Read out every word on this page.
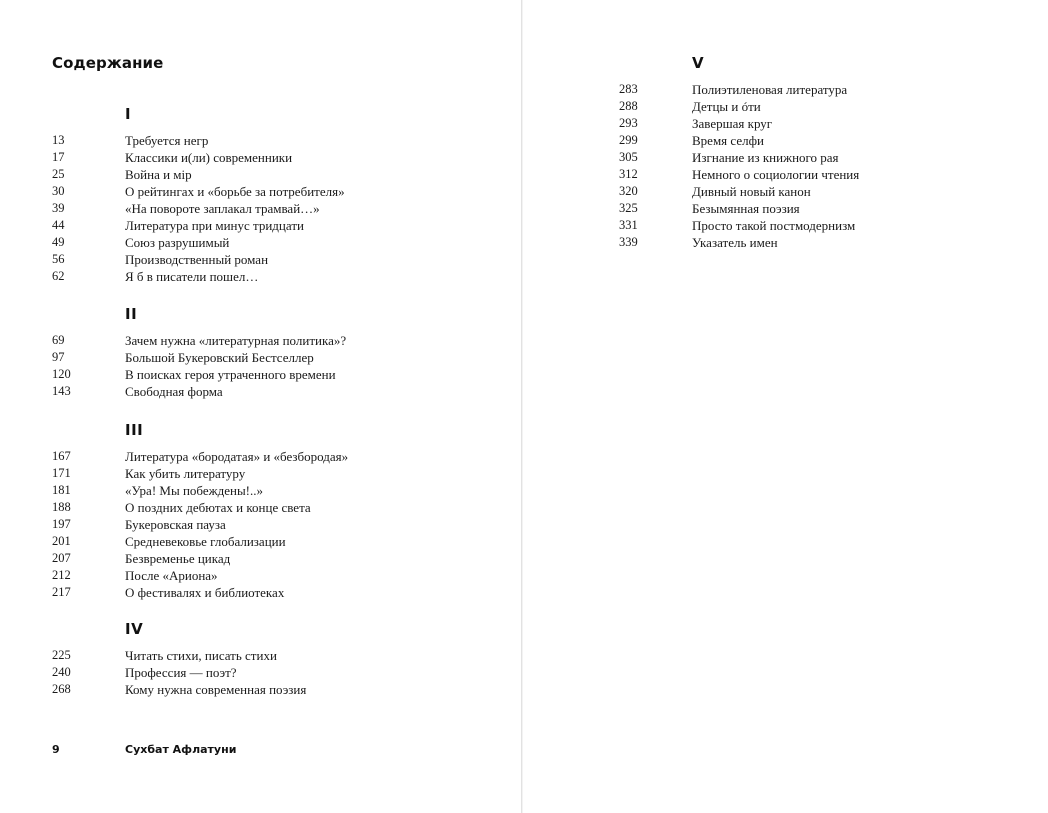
Содержание
I
13	Требуется негр
17	Классики и(ли) современники
25	Война и мір
30	О рейтингах и «борьбе за потребителя»
39	«На повороте заплакал трамвай…»
44	Литература при минус тридцати
49	Союз разрушимый
56	Производственный роман
62	Я б в писатели пошел…
II
69	Зачем нужна «литературная политика»?
97	Большой Букеровский Бестселлер
120	В поисках героя утраченного времени
143	Свободная форма
III
167	Литература «бородатая» и «безбородая»
171	Как убить литературу
181	«Ура! Мы побеждены!..»
188	О поздних дебютах и конце света
197	Букеровская пауза
201	Средневековье глобализации
207	Безвременье цикад
212	После «Ариона»
217	О фестивалях и библиотеках
IV
225	Читать стихи, писать стихи
240	Профессия — поэт?
268	Кому нужна современная поэзия
9	Сухбат Афлатуни
V
283	Полиэтиленовая литература
288	Детцы и óти
293	Завершая круг
299	Время селфи
305	Изгнание из книжного рая
312	Немного о социологии чтения
320	Дивный новый канон
325	Безымянная поэзия
331	Просто такой постмодернизм
339	Указатель имен
